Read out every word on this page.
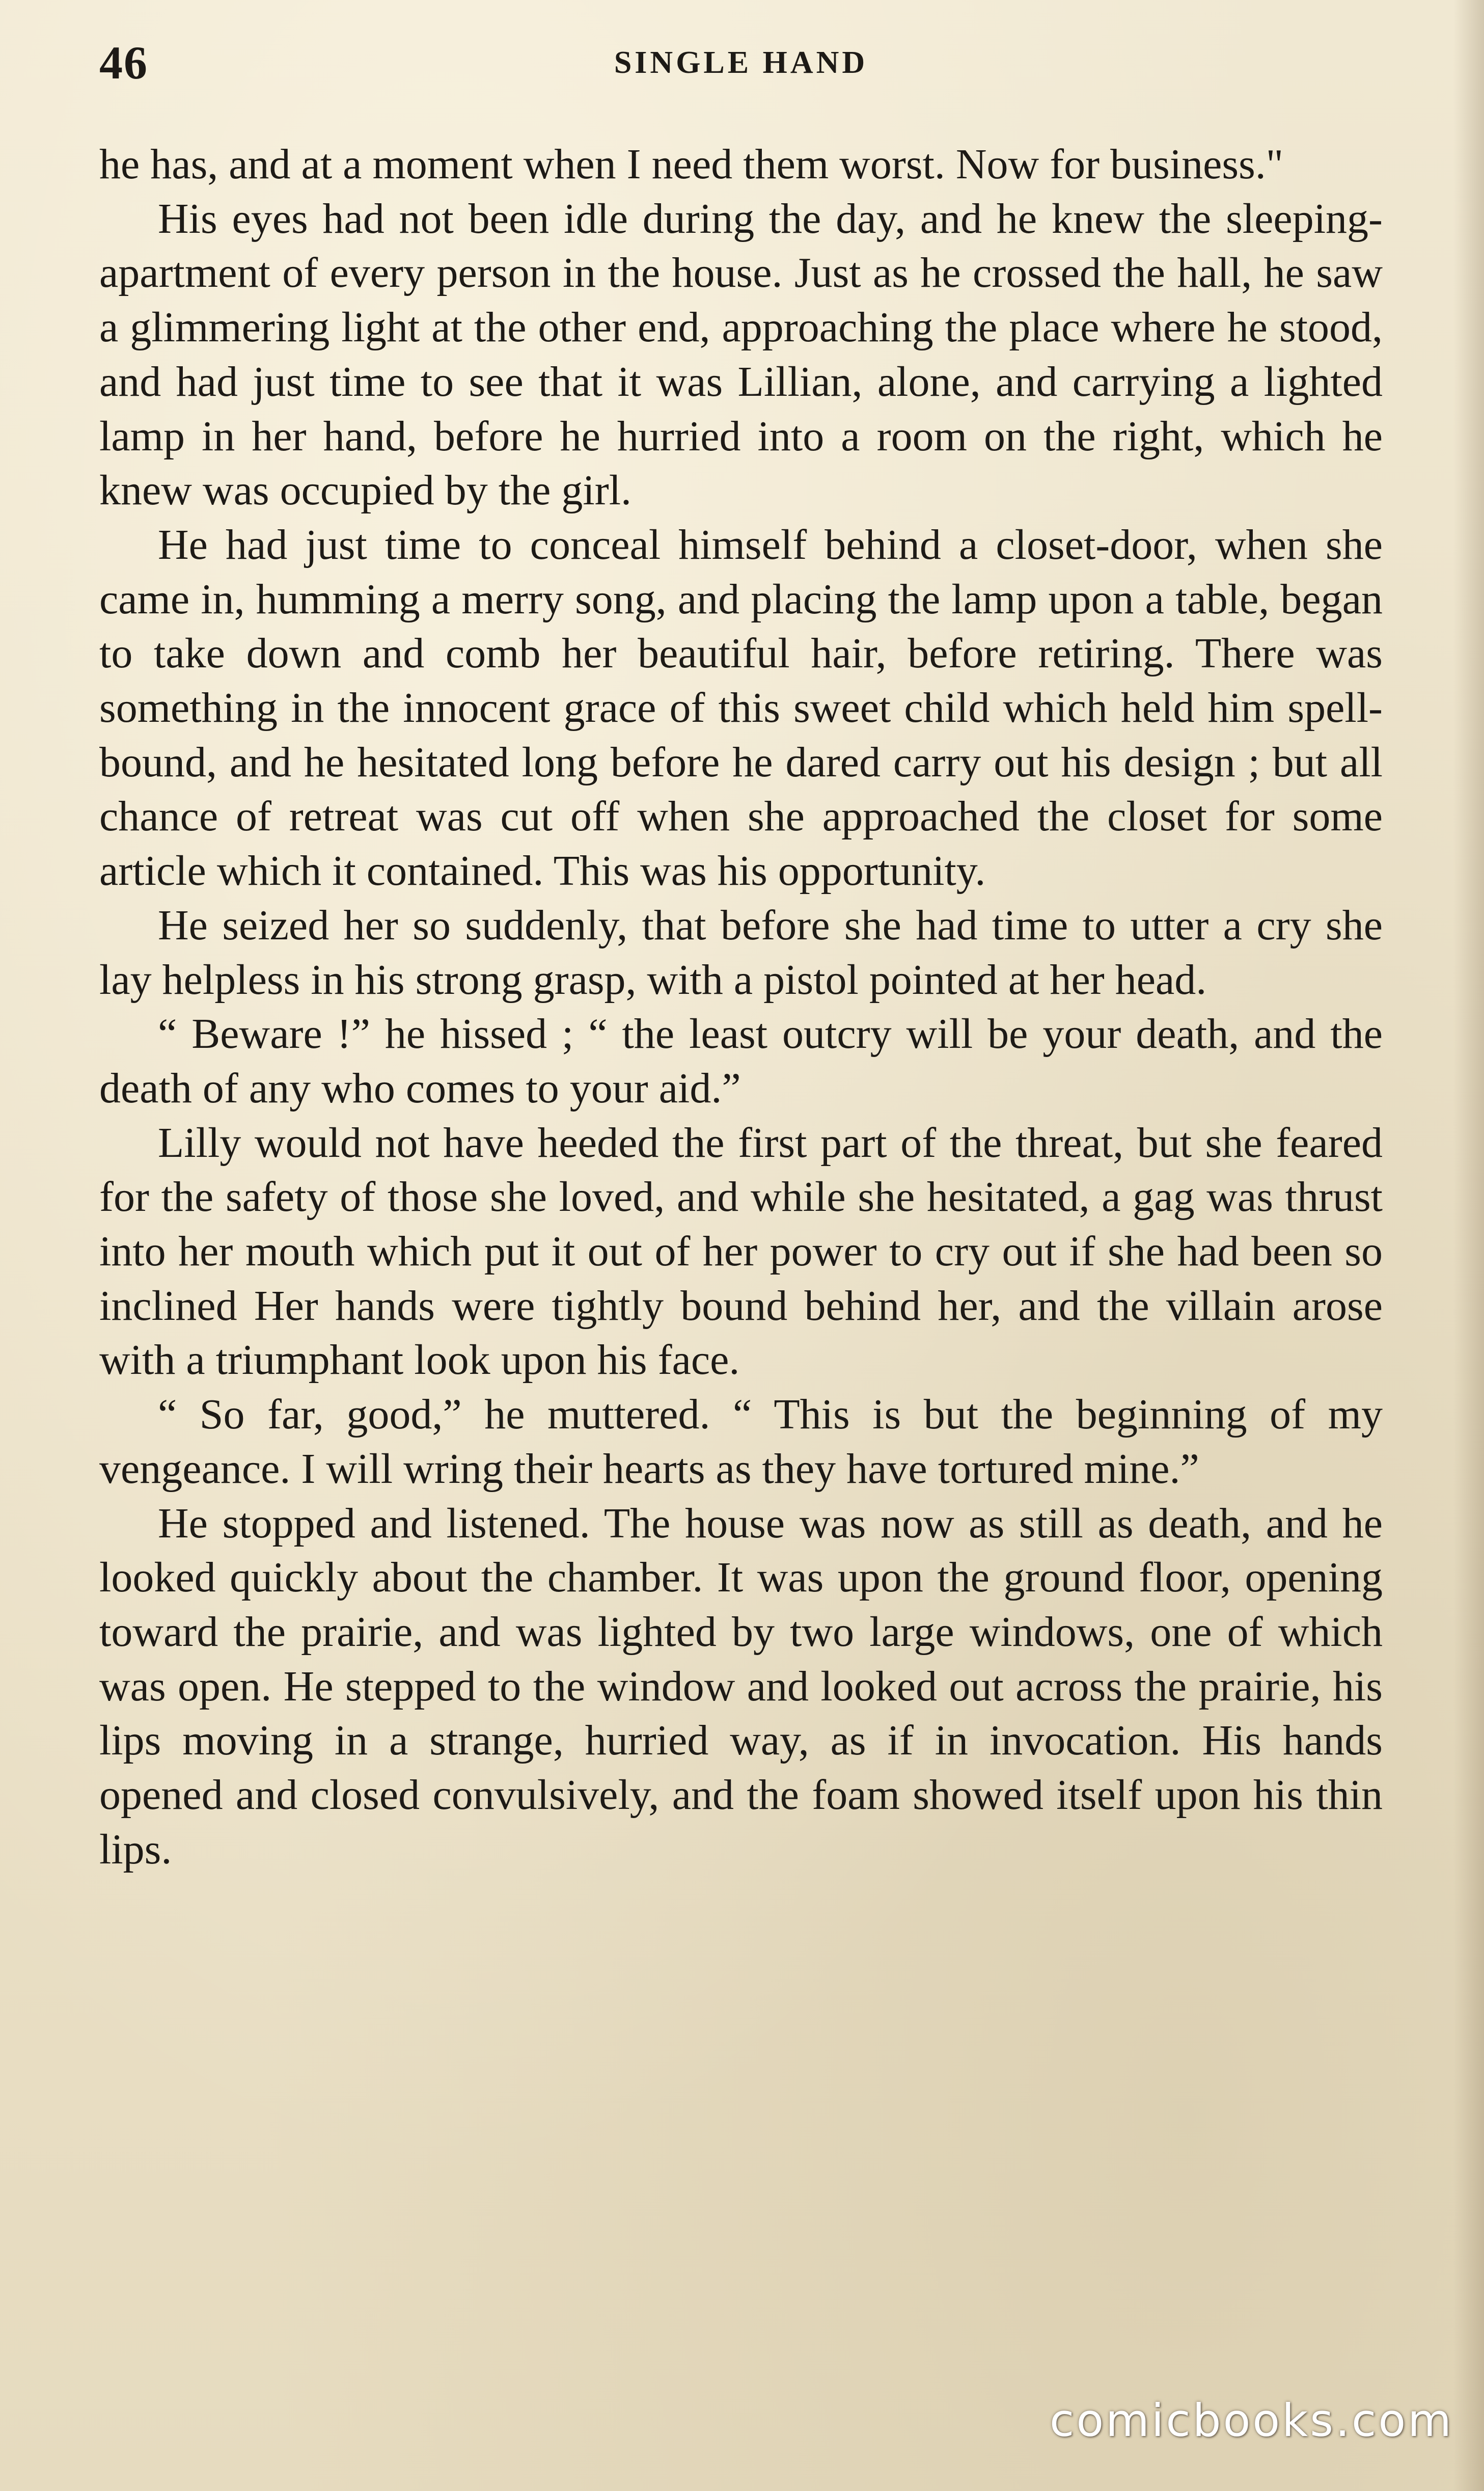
46	SINGLE HAND

he has, and at a moment when I need them worst. Now for business."

His eyes had not been idle during the day, and he knew the sleeping-apartment of every person in the house. Just as he crossed the hall, he saw a glimmering light at the other end, approaching the place where he stood, and had just time to see that it was Lillian, alone, and carrying a lighted lamp in her hand, before he hurried into a room on the right, which he knew was occupied by the girl.

He had just time to conceal himself behind a closet-door, when she came in, humming a merry song, and placing the lamp upon a table, began to take down and comb her beautiful hair, before retiring. There was something in the innocent grace of this sweet child which held him spell-bound, and he hesitated long before he dared carry out his design ; but all chance of retreat was cut off when she approached the closet for some article which it contained. This was his opportunity.

He seized her so suddenly, that before she had time to utter a cry she lay helpless in his strong grasp, with a pistol pointed at her head.

“ Beware !” he hissed ; “ the least outcry will be your death, and the death of any who comes to your aid.”

Lilly would not have heeded the first part of the threat, but she feared for the safety of those she loved, and while she hesitated, a gag was thrust into her mouth which put it out of her power to cry out if she had been so inclined Her hands were tightly bound behind her, and the villain arose with a triumphant look upon his face.

“ So far, good,” he muttered. “ This is but the beginning of my vengeance. I will wring their hearts as they have tortured mine.”

He stopped and listened. The house was now as still as death, and he looked quickly about the chamber. It was upon the ground floor, opening toward the prairie, and was lighted by two large windows, one of which was open. He stepped to the window and looked out across the prairie, his lips moving in a strange, hurried way, as if in invocation. His hands opened and closed convulsively, and the foam showed itself upon his thin lips.

comicbooks.com
